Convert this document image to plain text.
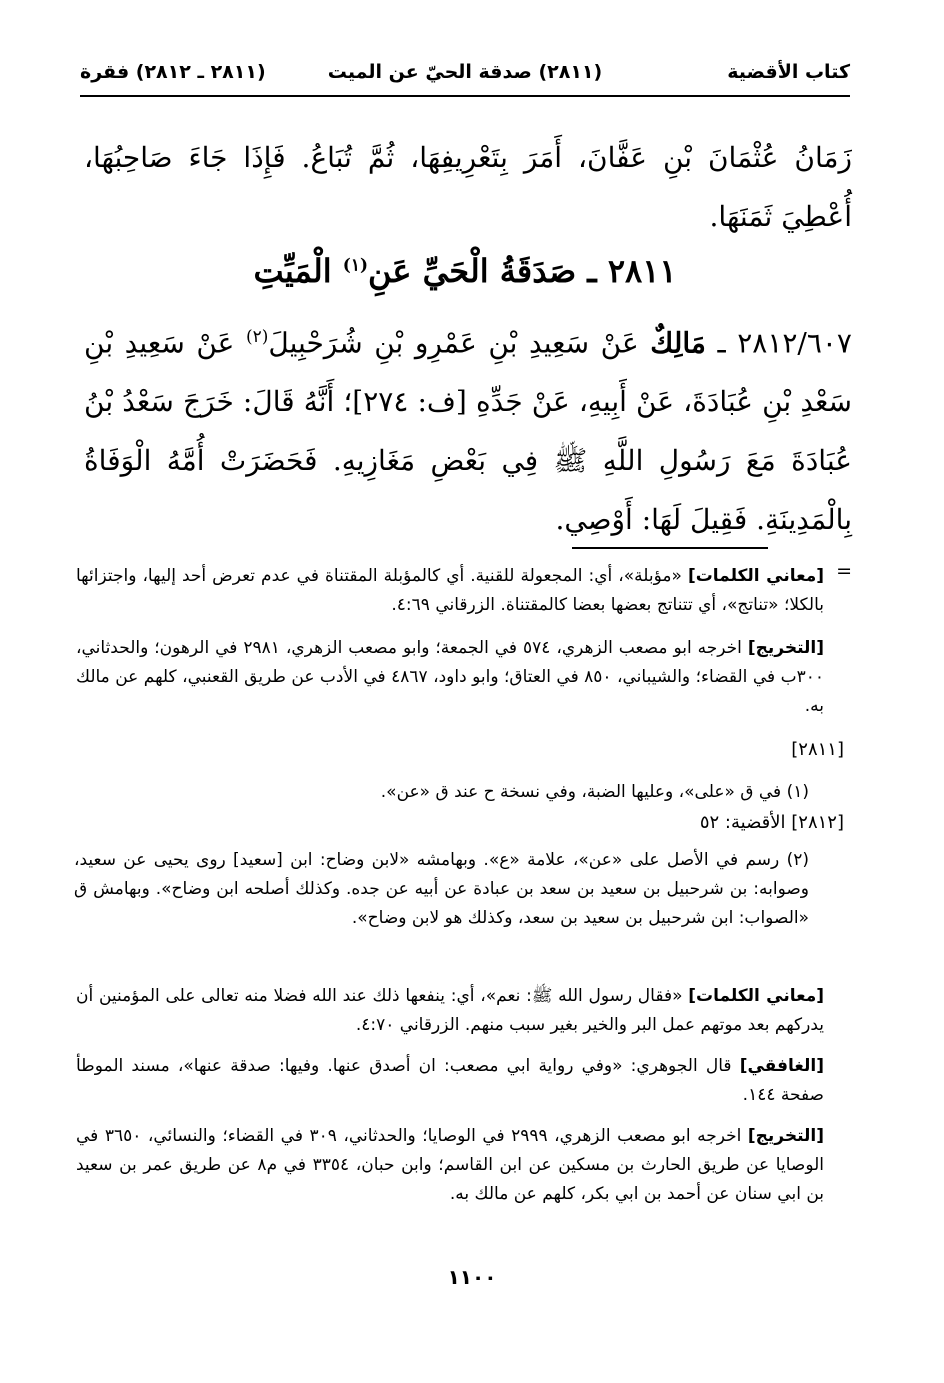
كتاب الأقضية
(٢٨١١) صدقة الحيّ عن الميت
(٢٨١١ ـ ٢٨١٢) فقرة
زَمَانُ عُثْمَانَ بْنِ عَفَّانَ، أَمَرَ بِتَعْرِيفِهَا، ثُمَّ تُبَاعُ. فَإِذَا جَاءَ صَاحِبُهَا، أُعْطِيَ ثَمَنَهَا.
٢٨١١ ـ صَدَقَةُ الْحَيِّ عَنِ$^{(١)}$ الْمَيِّتِ
٢٨١٢/٦٠٧ ـ مَالِكٌ عَنْ سَعِيدِ بْنِ عَمْرِو بْنِ شُرَحْبِيلَ$^{(٢)}$ عَنْ سَعِيدِ بْنِ سَعْدِ بْنِ عُبَادَةَ، عَنْ أَبِيهِ، عَنْ جَدِّهِ [ف: ٢٧٤]؛ أَنَّهُ قَالَ: خَرَجَ سَعْدُ بْنُ عُبَادَةَ مَعَ رَسُولِ اللَّهِ ﷺ فِي بَعْضِ مَغَازِيهِ. فَحَضَرَتْ أُمَّهُ الْوَفَاةُ بِالْمَدِينَةِ. فَقِيلَ لَهَا: أَوْصِي.
=
[معاني الكلمات] «مؤبلة»، أي: المجعولة للقنية. أي كالمؤبلة المقتناة في عدم تعرض أحد إليها، واجتزائها بالكلا؛ «تناتج»، أي تتناتج بعضها بعضا كالمقتناة. الزرقاني ٤:٦٩.
[التخريج] اخرجه ابو مصعب الزهري، ٥٧٤ في الجمعة؛ وابو مصعب الزهري، ٢٩٨١ في الرهون؛ والحدثاني، ٣٠٠ب في القضاء؛ والشيباني، ٨٥٠ في العتاق؛ وابو داود، ٤٨٦٧ في الأدب عن طريق القعنبي، كلهم عن مالك به.
[٢٨١١]
(١) في ق «على»، وعليها الضبة، وفي نسخة ح عند ق «عن».
[٢٨١٢] الأقضية: ٥٢
(٢) رسم في الأصل على «عن»، علامة «ع». وبهامشه «لابن وضاح: ابن [سعيد] روى يحيى عن سعيد، وصوابه: بن شرحبيل بن سعيد بن سعد بن عبادة عن أبيه عن جده. وكذلك أصلحه ابن وضاح». وبهامش ق «الصواب: ابن شرحبيل بن سعيد بن سعد، وكذلك هو لابن وضاح».
[معاني الكلمات] «فقال رسول الله ﷺ: نعم»، أي: ينفعها ذلك عند الله فضلا منه تعالى على المؤمنين أن يدركهم بعد موتهم عمل البر والخير بغير سبب منهم. الزرقاني ٤:٧٠.
[الغافقي] قال الجوهري: «وفي رواية ابي مصعب: ان أصدق عنها. وفيها: صدقة عنها»، مسند الموطأ صفحة ١٤٤.
[التخريج] اخرجه ابو مصعب الزهري، ٢٩٩٩ في الوصايا؛ والحدثاني، ٣٠٩ في القضاء؛ والنسائي، ٣٦٥٠ في الوصايا عن طريق الحارث بن مسكين عن ابن القاسم؛ وابن حبان، ٣٣٥٤ في م٨ عن طريق عمر بن سعيد بن ابي سنان عن أحمد بن ابي بكر، كلهم عن مالك به.
١١٠٠
